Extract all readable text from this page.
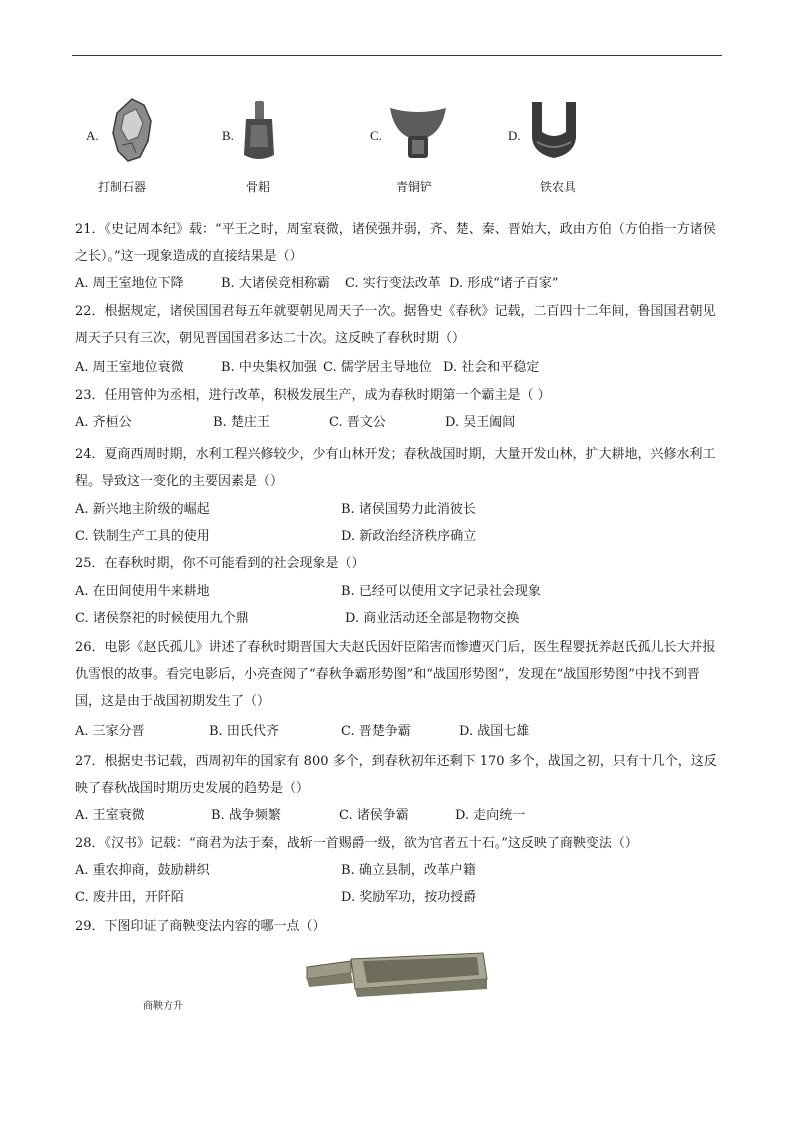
A.
打制石器
B.
骨耜
C.
青铜铲
D.
铁农具
21．《史记周本纪》载：“平王之时，周室衰微，诸侯强并弱，齐、楚、秦、晋始大，政由方伯（方伯指一方诸侯之长）。”这一现象造成的直接结果是（）
A. 周王室地位下降	B. 大诸侯竞相称霸 C. 实行变法改革 D. 形成“诸子百家”
22．根据规定，诸侯国国君每五年就要朝见周天子一次。据鲁史《春秋》记载，二百四十二年间，鲁国国君朝见周天子只有三次，朝见晋国国君多达二十次。这反映了春秋时期（）
A. 周王室地位衰微	B. 中央集权加强 C. 儒学居主导地位 D. 社会和平稳定
23．任用管仲为丞相，进行改革，积极发展生产，成为春秋时期第一个霸主是（ ）
A. 齐桓公	B. 楚庄王	C. 晋文公	D. 吴王阖闾
24．夏商西周时期，水利工程兴修较少，少有山林开发；春秋战国时期，大量开发山林，扩大耕地，兴修水利工程。导致这一变化的主要因素是（）
A. 新兴地主阶级的崛起	B. 诸侯国势力此消彼长
C. 铁制生产工具的使用	D. 新政治经济秩序确立
25．在春秋时期，你不可能看到的社会现象是（）
A. 在田间使用牛来耕地	B. 已经可以使用文字记录社会现象
C. 诸侯祭祀的时候使用九个鼎	D. 商业活动还全部是物物交换
26．电影《赵氏孤儿》讲述了春秋时期晋国大夫赵氏因奸臣陷害而惨遭灭门后，医生程婴抚养赵氏孤儿长大并报仇雪恨的故事。看完电影后，小亮查阅了“春秋争霸形势图”和“战国形势图”，发现在“战国形势图”中找不到晋国，这是由于战国初期发生了（）
A. 三家分晋	B. 田氏代齐	C. 晋楚争霸	D. 战国七雄
27．根据史书记载，西周初年的国家有 800 多个，到春秋初年还剩下 170 多个，战国之初，只有十几个，这反映了春秋战国时期历史发展的趋势是（）
A. 王室衰微	B. 战争频繁	C. 诸侯争霸	D. 走向统一
28．《汉书》记载：“商君为法于秦，战斩一首赐爵一级，欲为官者五十石。”这反映了商鞅变法（）
A. 重农抑商，鼓励耕织	B. 确立县制，改革户籍
C. 废井田，开阡陌	D. 奖励军功，按功授爵
29．下图印证了商鞅变法内容的哪一点（）
商鞅方升
